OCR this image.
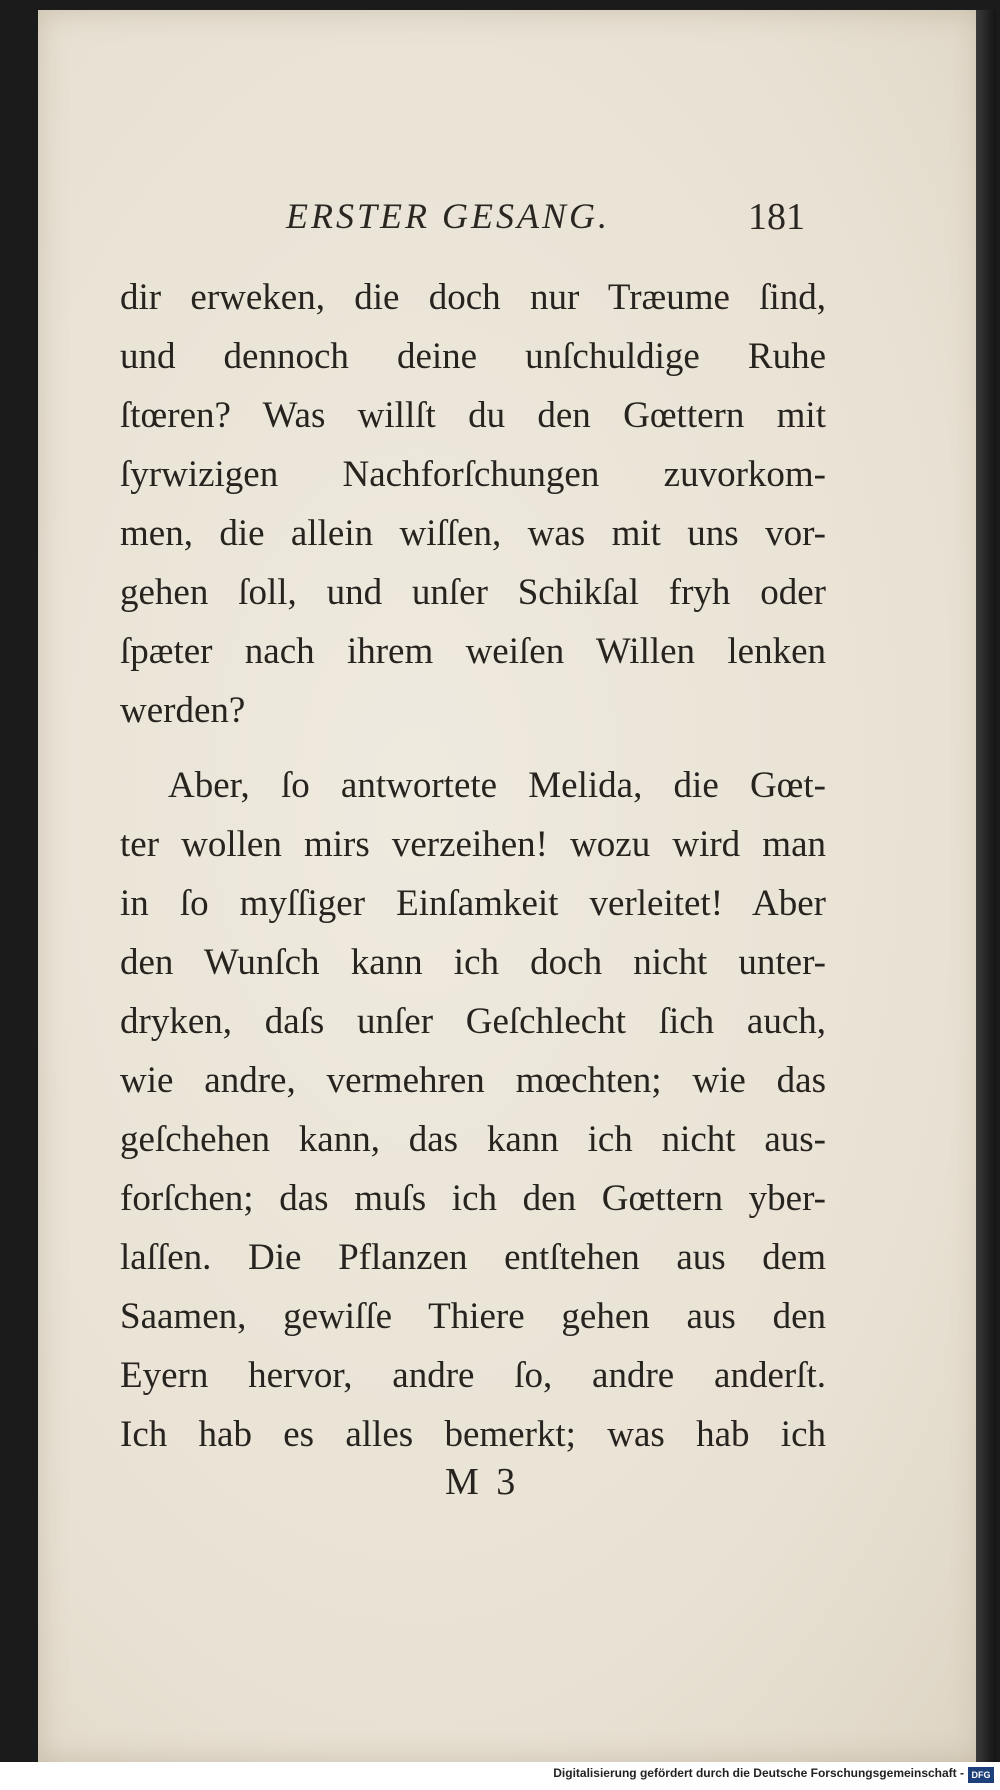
ERSTER GESANG.	181
dir erweken, die doch nur Træume ſind,
und dennoch deine unſchuldige Ruhe
ſtœren? Was willſt du den Gœttern mit
ſyrwizigen Nachforſchungen zuvorkom-
men, die allein wiſſen, was mit uns vor-
gehen ſoll, und unſer Schikſal fryh oder
ſpæter nach ihrem weiſen Willen lenken
werden?
Aber, ſo antwortete Melida, die Gœt-
ter wollen mirs verzeihen! wozu wird man
in ſo myſſiger Einſamkeit verleitet! Aber
den Wunſch kann ich doch nicht unter-
dryken, daſs unſer Geſchlecht ſich auch,
wie andre, vermehren mœchten; wie das
geſchehen kann, das kann ich nicht aus-
forſchen; das muſs ich den Gœttern yber-
laſſen. Die Pflanzen entſtehen aus dem
Saamen, gewiſſe Thiere gehen aus den
Eyern hervor, andre ſo, andre anderſt.
Ich hab es alles bemerkt; was hab ich
M 3
Digitalisierung gefördert durch die Deutsche Forschungsgemeinschaft - DFG
